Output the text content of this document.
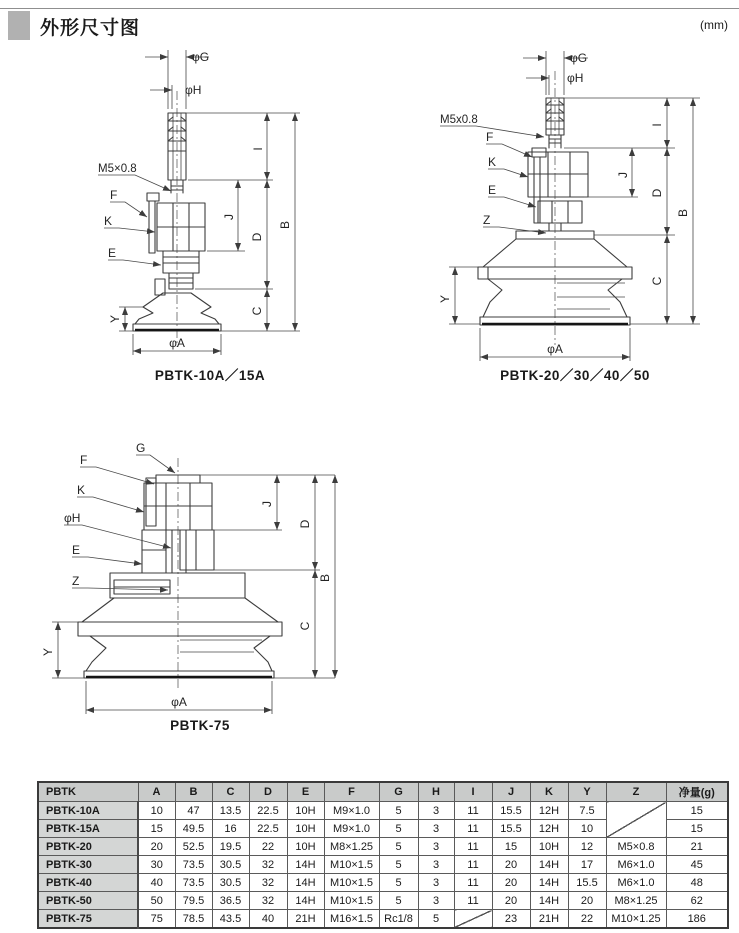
外形尺寸图	(mm)
φG
φH
M5×0.8
F
K
E
I
J
D
C
B
Y
φA
PBTK-10A／15A
φG
φH
M5x0.8
F
K
E
Z
I
J
D
C
B
Y
φA
PBTK-20／30／40／50
G
F
K
φH
E
Z
J
D
C
B
Y
φA
PBTK-75
PBTK	A	B	C	D	E	F	G	H	I	J	K	Y	Z	净量(g)
PBTK-10A	10	47	13.5	22.5	10H	M9×1.0	5	3	11	15.5	12H	7.5		15
PBTK-15A	15	49.5	16	22.5	10H	M9×1.0	5	3	11	15.5	12H	10		15
PBTK-20	20	52.5	19.5	22	10H	M8×1.25	5	3	11	15	10H	12	M5×0.8	21
PBTK-30	30	73.5	30.5	32	14H	M10×1.5	5	3	11	20	14H	17	M6×1.0	45
PBTK-40	40	73.5	30.5	32	14H	M10×1.5	5	3	11	20	14H	15.5	M6×1.0	48
PBTK-50	50	79.5	36.5	32	14H	M10×1.5	5	3	11	20	14H	20	M8×1.25	62
PBTK-75	75	78.5	43.5	40	21H	M16×1.5	Rc1/8	5		23	21H	22	M10×1.25	186
